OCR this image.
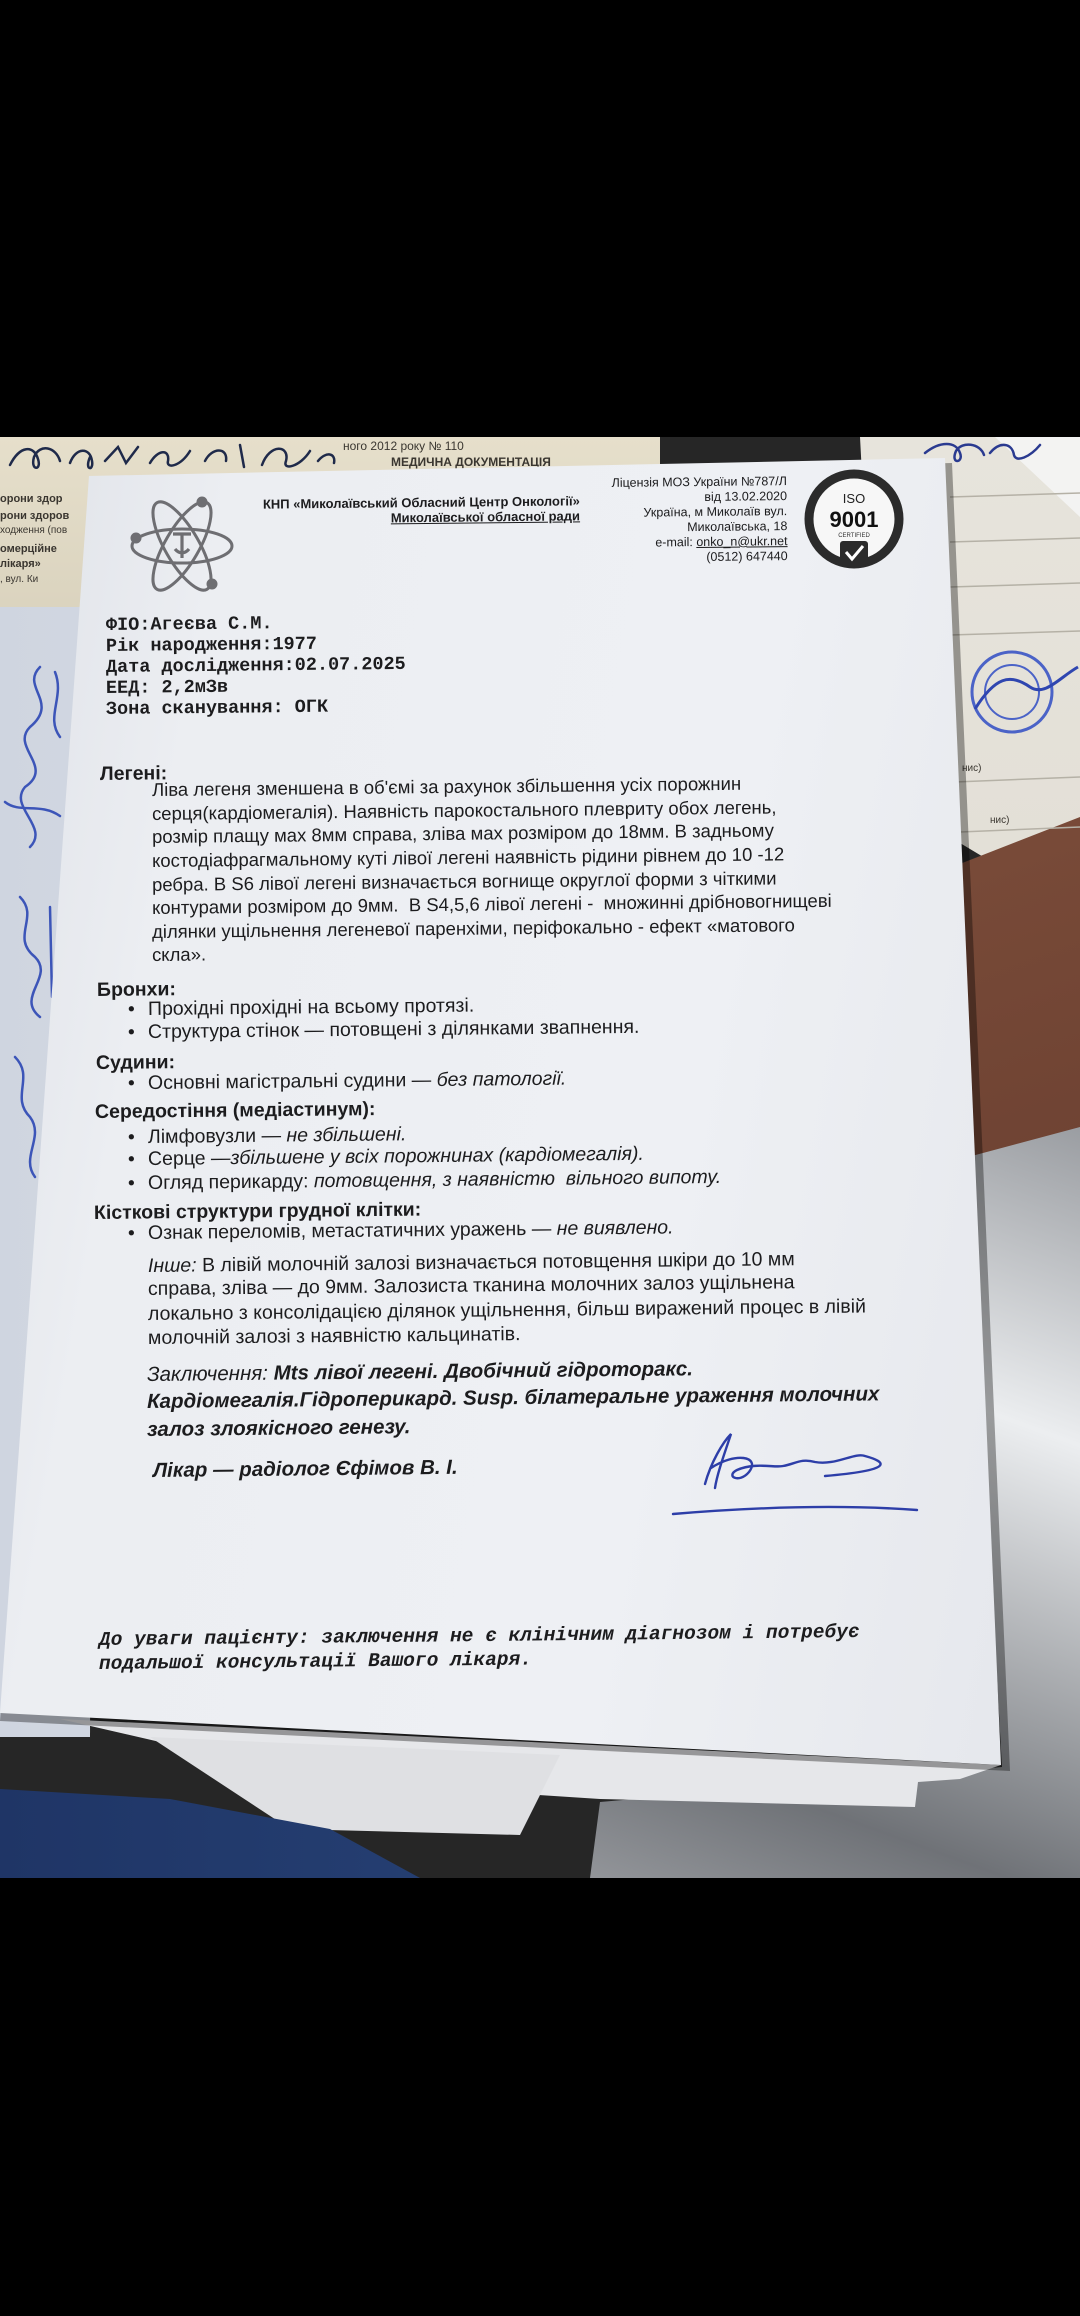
ного 2012 року № 110
МЕДИЧНА ДОКУМЕНТАЦІЯ
орони здор
рони здоров
ходження (пов
омерційне
лікаря»
, вул. Ки
нис)
нис)
КНП «Миколаївський Обласний Центр Онкології»
Миколаївської обласної ради
Ліцензія МОЗ України №787/Л
від 13.02.2020
Україна, м Миколаїв вул.
Миколаївська, 18
e-mail: onko_n@ukr.net
(0512) 647440
ISO
9001
CERTIFIED
ФІО:Агеєва С.М.
Рік народження:1977
Дата дослідження:02.07.2025
ЕЕД: 2,2мЗв
Зона сканування: ОГК
Легені:
Ліва легеня зменшена в об'ємі за рахунок збільшення усіх порожнин
серця(кардіомегалія). Наявність парокостального плевриту обох легень,
розмір плащу мах 8мм справа, зліва мах розміром до 18мм. В задньому
костодіафрагмальному куті лівої легені наявність рідини рівнем до 10 -12
ребра. В S6 лівої легені визначається вогнище округлої форми з чіткими
контурами розміром до 9мм.  В S4,5,6 лівої легені -  множинні дрібновогнищеві
ділянки ущільнення легеневої паренхіми, періфокально - ефект «матового
скла».
Бронхи:
• Прохідні прохідні на всьому протязі.
• Структура стінок — потовщені з ділянками звапнення.
Судини:
• Основні магістральні судини — без патології.
Середостіння (медіастинум):
• Лімфовузли — не збільшені.
• Серце —збільшене у всіх порожнинах (кардіомегалія).
• Огляд перикарду: потовщення, з наявністю  вільного випоту.
Кісткові структури грудної клітки:
• Ознак переломів, метастатичних уражень — не виявлено.
Інше: В лівій молочній залозі визначається потовщення шкіри до 10 мм
справа, зліва — до 9мм. Залозиста тканина молочних залоз ущільнена
локально з консолідацією ділянок ущільнення, більш виражений процес в лівій
молочній залозі з наявністю кальцинатів.
Заключення: Mts лівої легені. Двобічний гідроторакс.
Кардіомегалія.Гідроперикард. Susp. білатеральне ураження молочних
залоз злоякісного генезу.
Лікар — радіолог Єфімов В. І.
До уваги пацієнту: заключення не є клінічним діагнозом і потребує
подальшої консультації Вашого лікаря.
